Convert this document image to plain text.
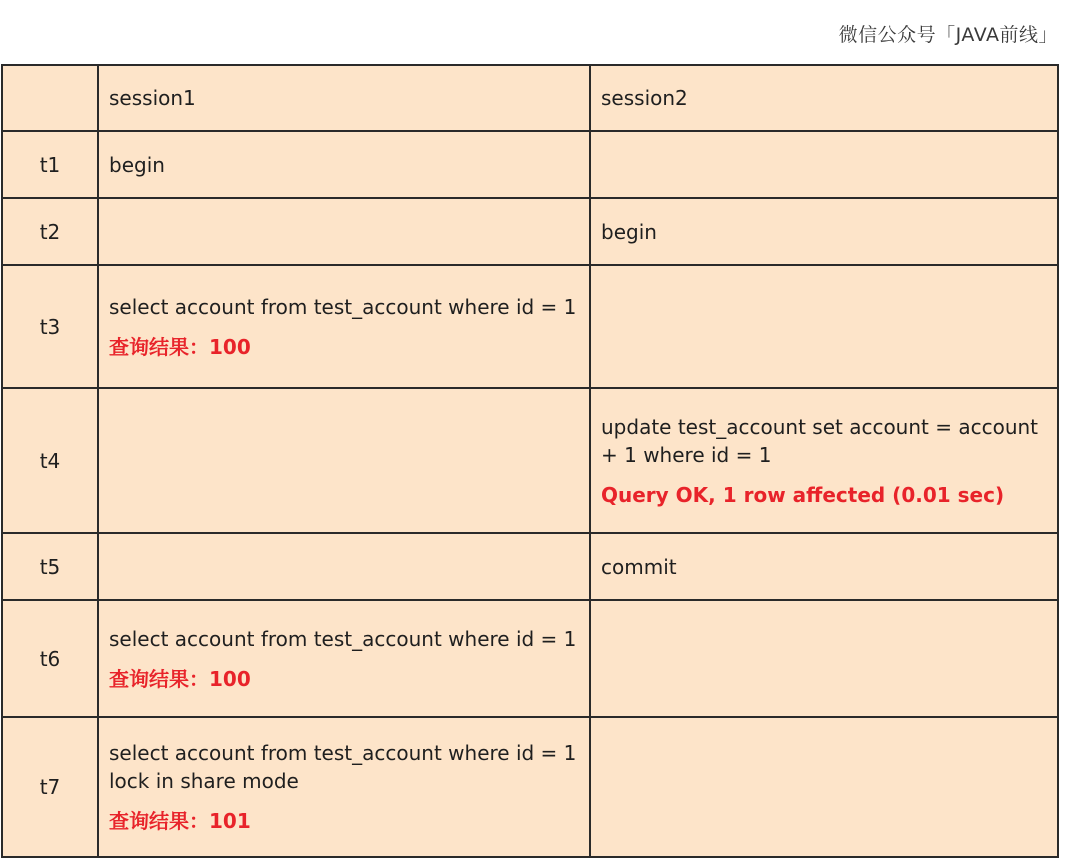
微信公众号「JAVA前线」
	session1	session2
t1	begin	

t2		begin

t3	select account from test_account where id = 1
查询结果：100	

t4		update test_account set account = account + 1 where id = 1
Query OK, 1 row affected (0.01 sec)

t5		commit

t6	select account from test_account where id = 1
查询结果：100	

t7	select account from test_account where id = 1 lock in share mode
查询结果：101	
